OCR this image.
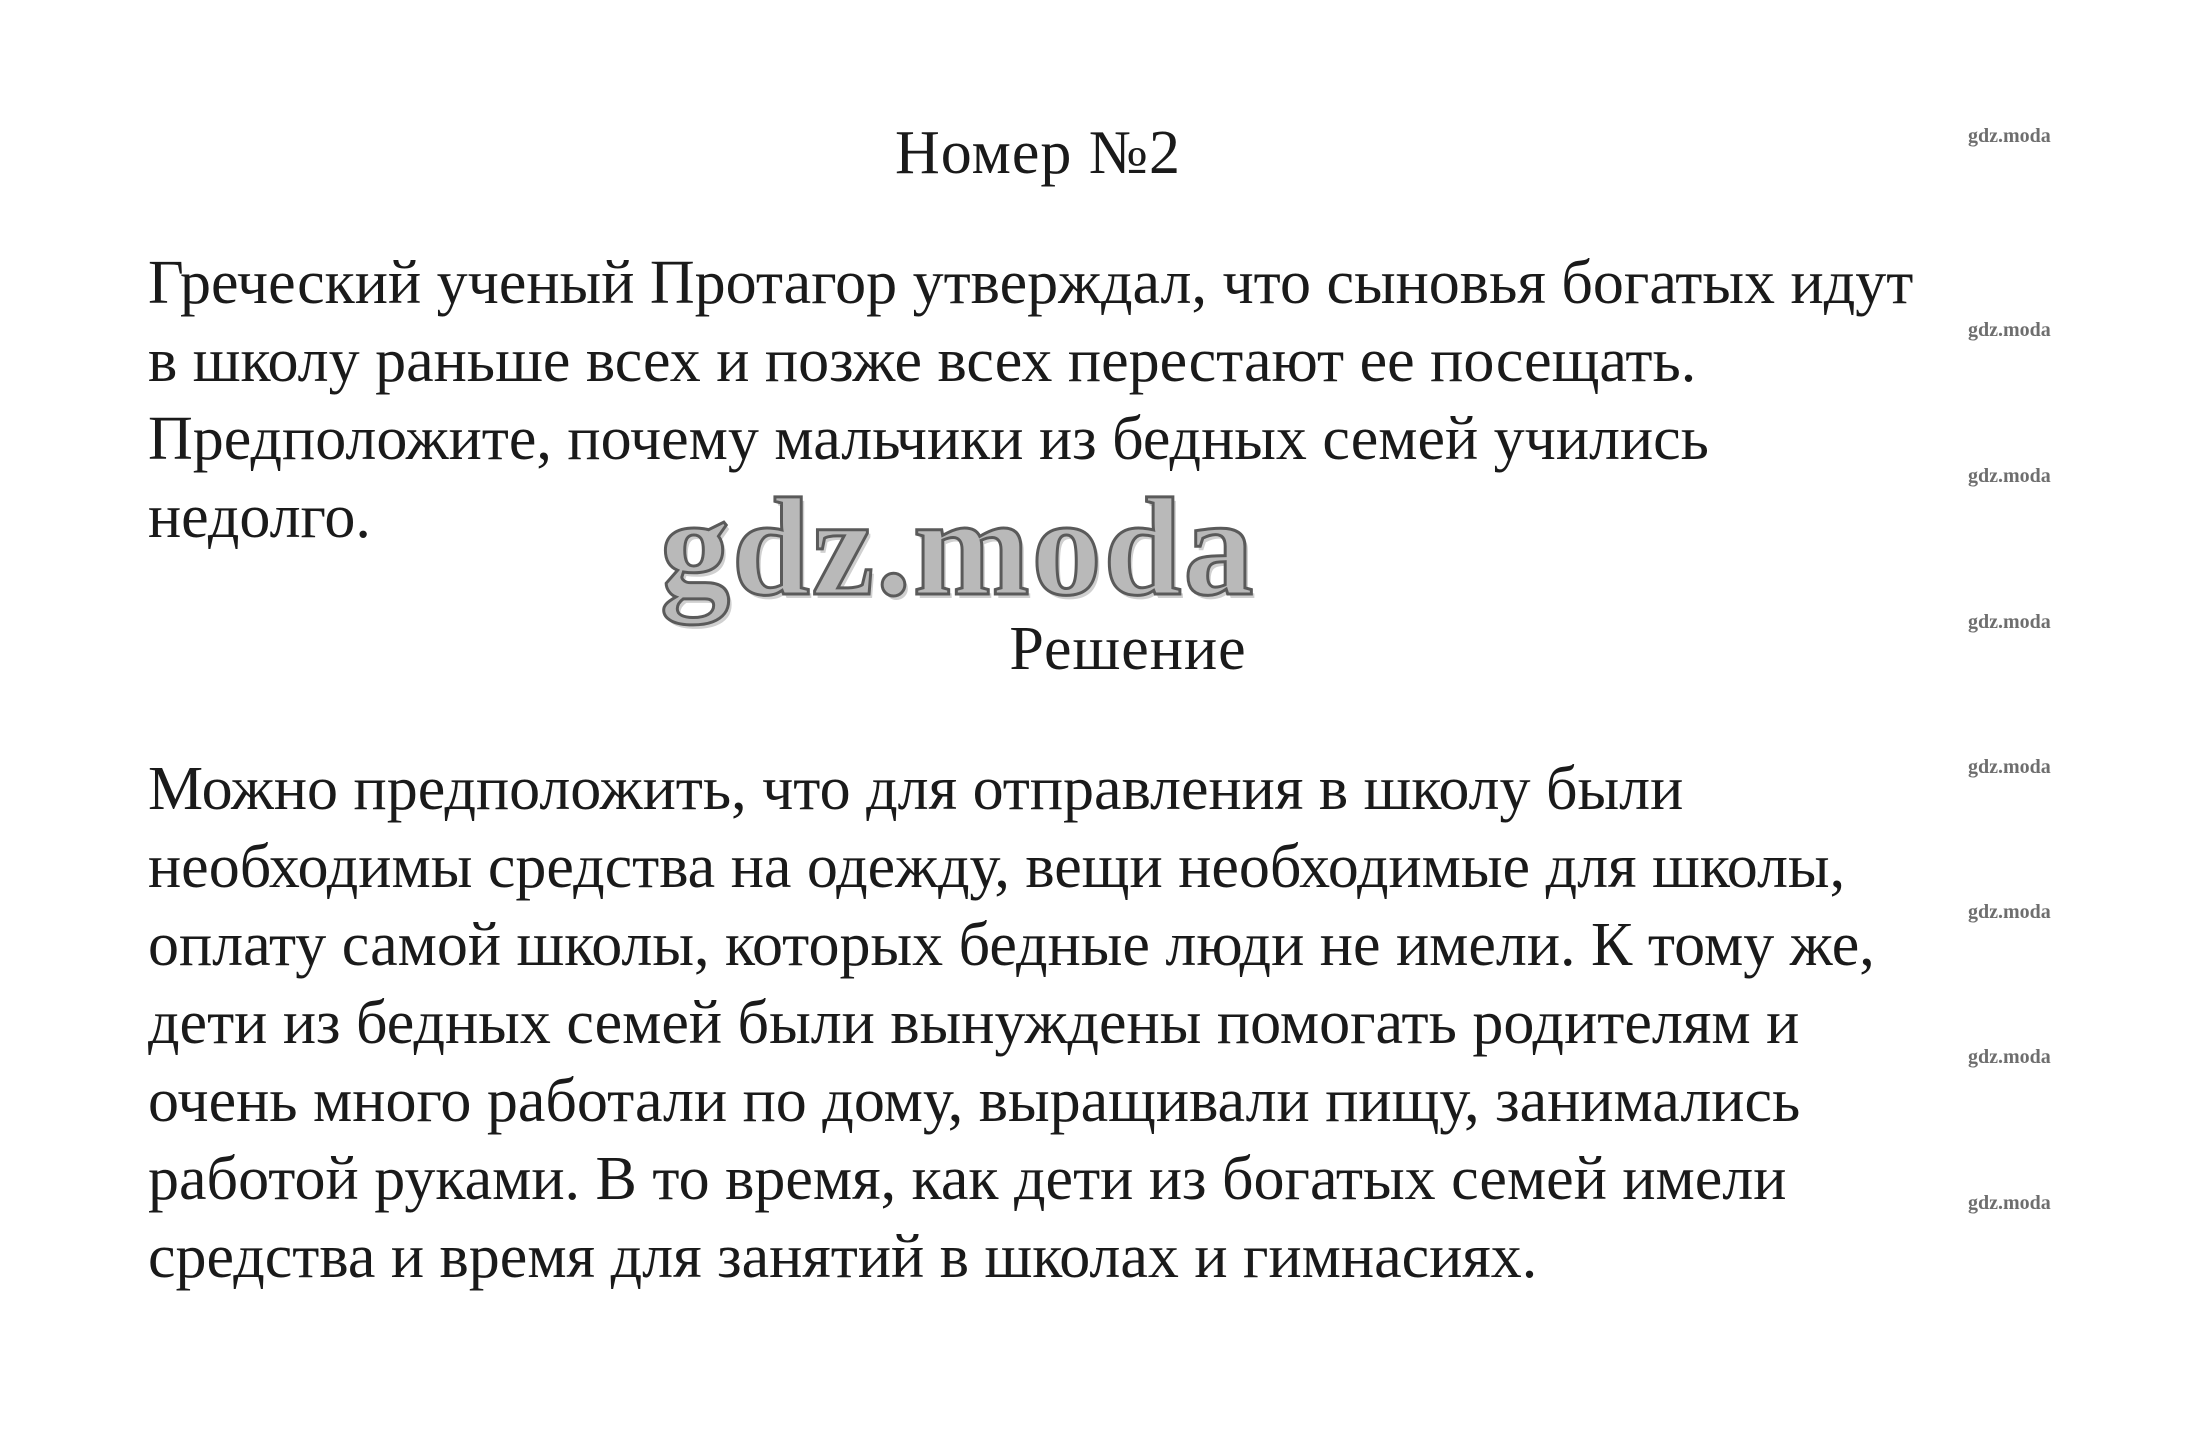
Номер №2
Греческий ученый Протагор утверждал, что сыновья богатых идут
в школу раньше всех и позже всех перестают ее посещать.
Предположите, почему мальчики из бедных семей учились
недолго.	gdz.moda
Решение
Можно предположить, что для отправления в школу были
необходимы средства на одежду, вещи необходимые для школы,
оплату самой школы, которых бедные люди не имели. К тому же,
дети из бедных семей были вынуждены помогать родителям и
очень много работали по дому, выращивали пищу, занимались
работой руками. В то время, как дети из богатых семей имели
средства и время для занятий в школах и гимнасиях.
gdz.moda
gdz.moda
gdz.moda
gdz.moda
gdz.moda
gdz.moda
gdz.moda
gdz.moda
